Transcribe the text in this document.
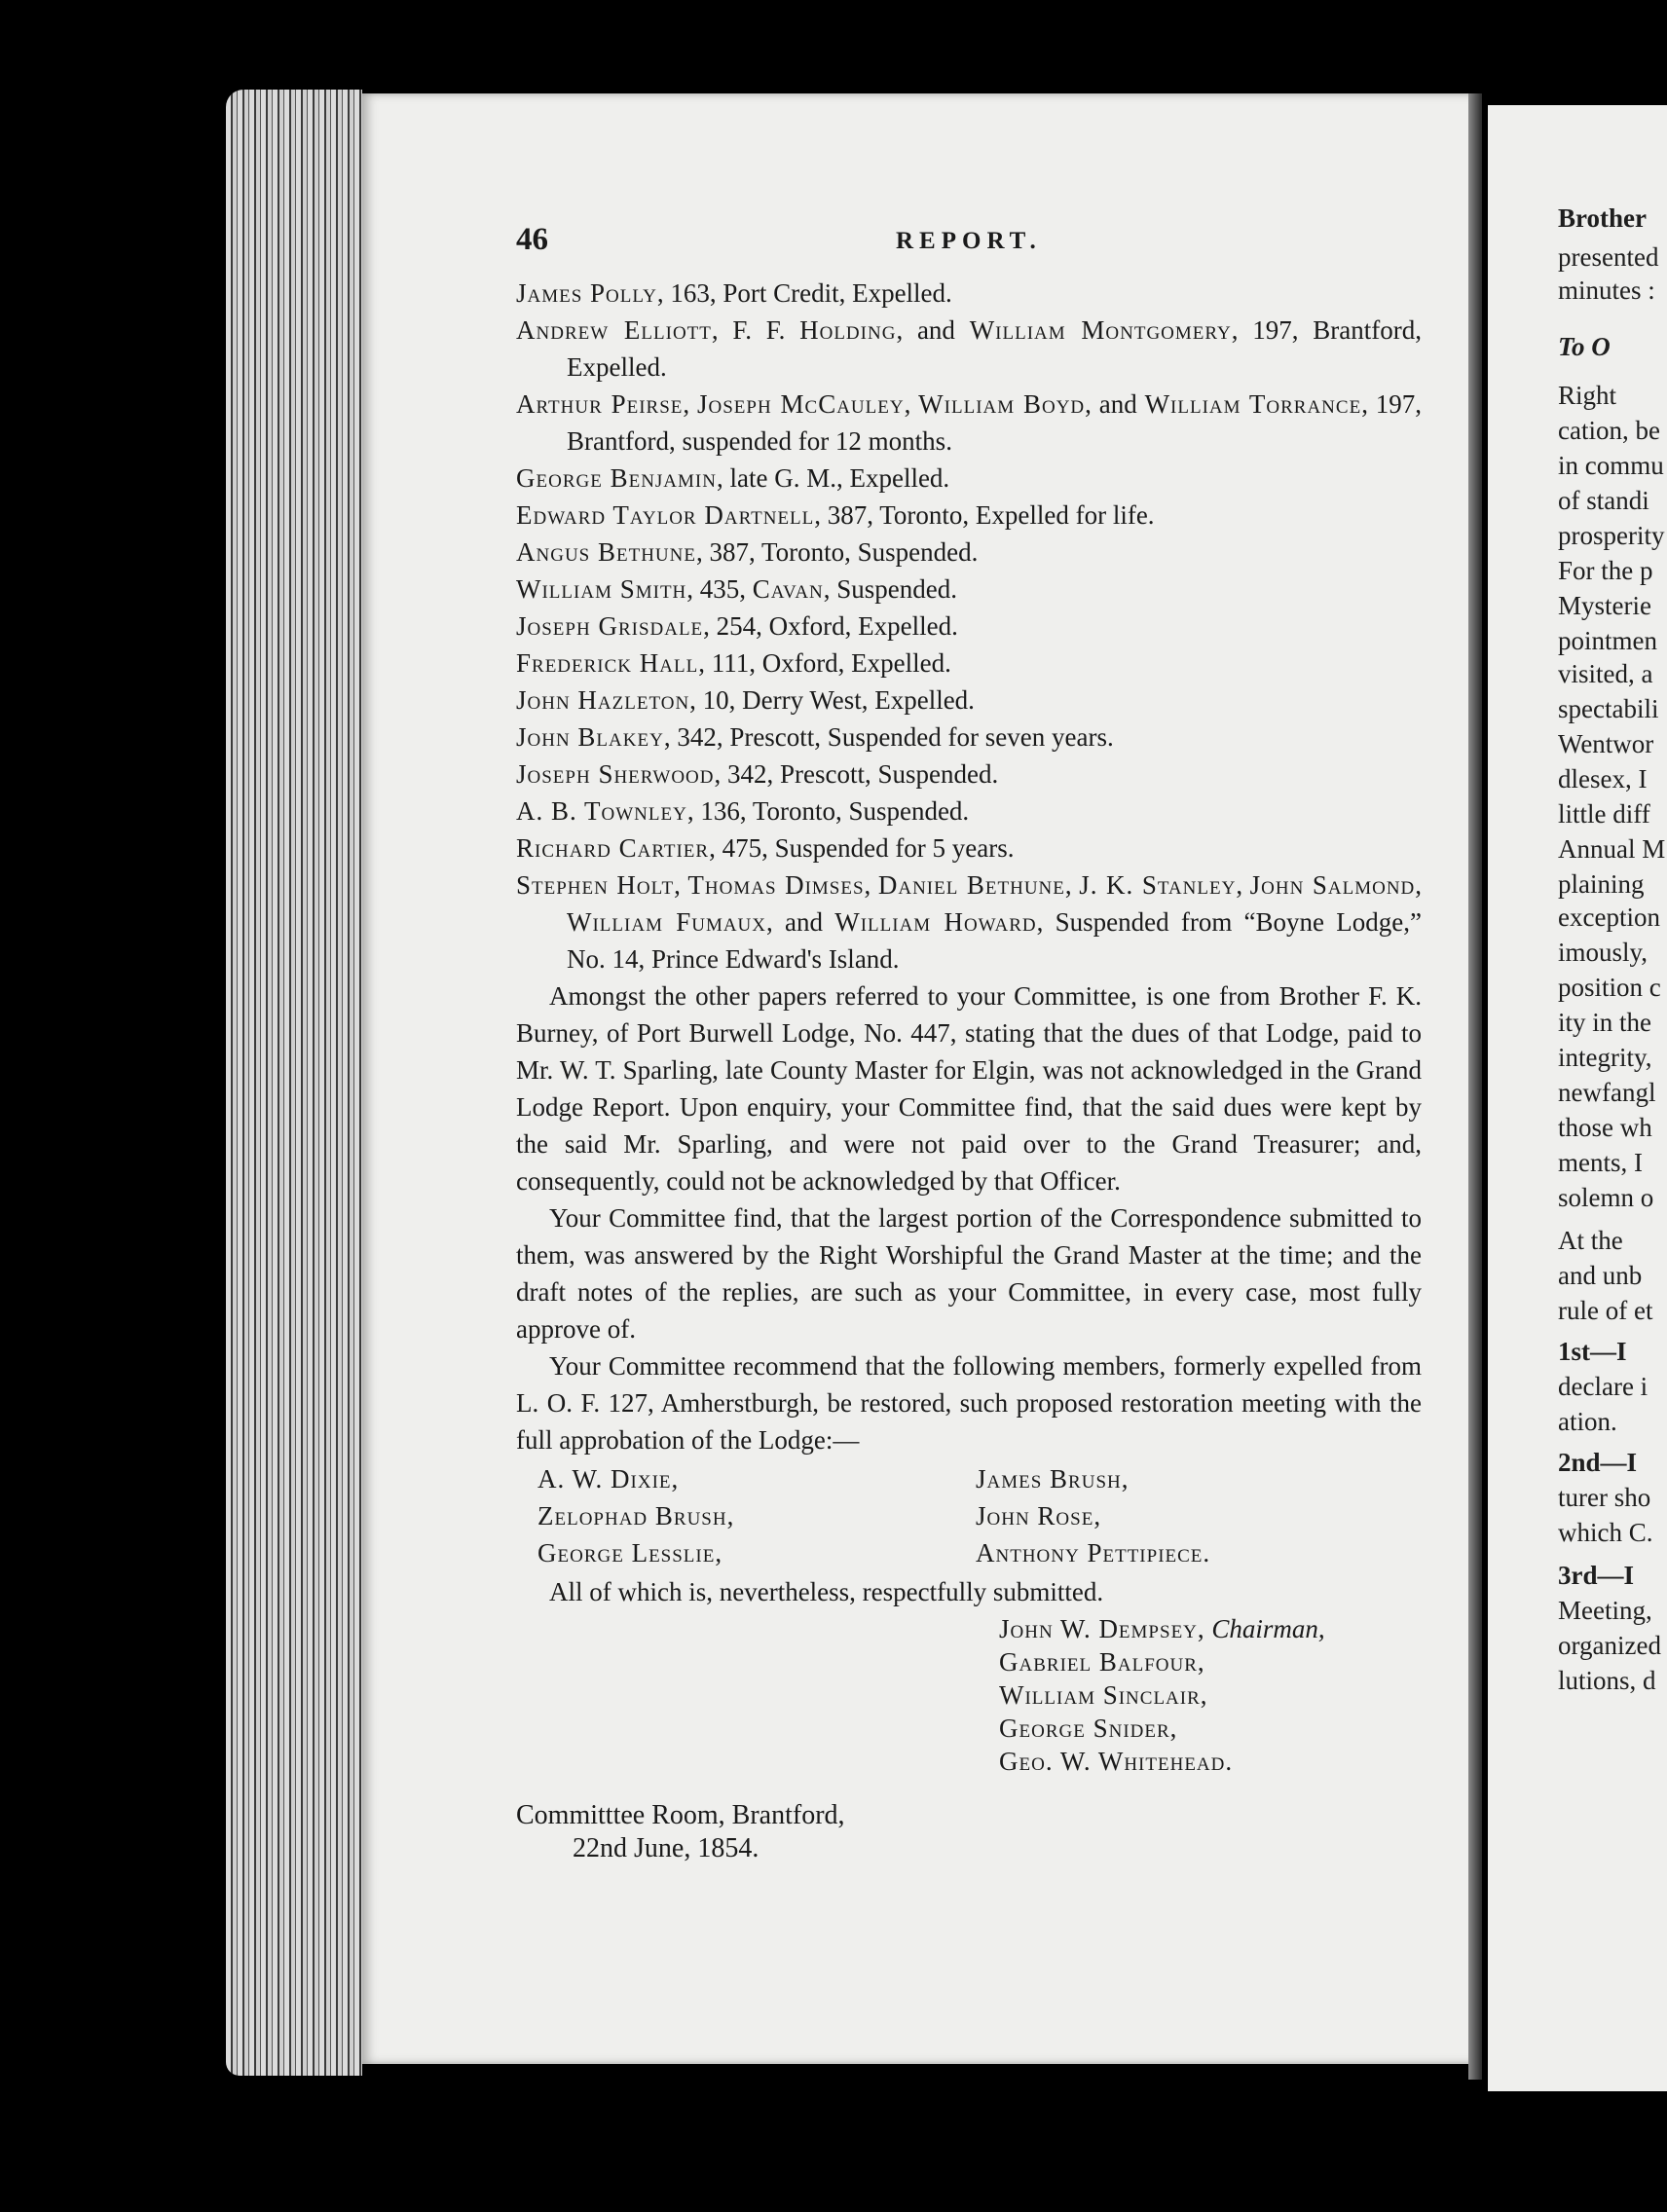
Brother
presented
minutes :
To O
Right
cation, be
in commu
of standi
prosperity
For the p
Mysterie
pointmen
visited, a
spectabili
Wentwor
dlesex, I
little diff
Annual M
plaining
exception
imously,
position c
ity in the
integrity,
newfangl
those wh
ments, I
solemn o
At the
and unb
rule of et
1st—I
declare i
ation.
2nd—I
turer sho
which C.
3rd—I
Meeting,
organized
lutions, d
46	REPORT.
James Polly, 163, Port Credit, Expelled.
Andrew Elliott, F. F. Holding, and William Montgomery, 197, Brantford, Expelled.
Arthur Peirse, Joseph McCauley, William Boyd, and William Torrance, 197, Brantford, suspended for 12 months.
George Benjamin, late G. M., Expelled.
Edward Taylor Dartnell, 387, Toronto, Expelled for life.
Angus Bethune, 387, Toronto, Suspended.
William Smith, 435, Cavan, Suspended.
Joseph Grisdale, 254, Oxford, Expelled.
Frederick Hall, 111, Oxford, Expelled.
John Hazleton, 10, Derry West, Expelled.
John Blakey, 342, Prescott, Suspended for seven years.
Joseph Sherwood, 342, Prescott, Suspended.
A. B. Townley, 136, Toronto, Suspended.
Richard Cartier, 475, Suspended for 5 years.
Stephen Holt, Thomas Dimses, Daniel Bethune, J. K. Stanley, John Salmond, William Fumaux, and William Howard, Suspended from “Boyne Lodge,” No. 14, Prince Edward's Island.

Amongst the other papers referred to your Committee, is one from Brother F. K. Burney, of Port Burwell Lodge, No. 447, stating that the dues of that Lodge, paid to Mr. W. T. Sparling, late County Master for Elgin, was not acknowledged in the Grand Lodge Report. Upon enquiry, your Committee find, that the said dues were kept by the said Mr. Sparling, and were not paid over to the Grand Treasurer; and, consequently, could not be acknowledged by that Officer.

Your Committee find, that the largest portion of the Correspondence submitted to them, was answered by the Right Worshipful the Grand Master at the time; and the draft notes of the replies, are such as your Committee, in every case, most fully approve of.

Your Committee recommend that the following members, formerly expelled from L. O. F. 127, Amherstburgh, be restored, such proposed restoration meeting with the full approbation of the Lodge:—

A. W. Dixie,	James Brush,
Zelophad Brush,	John Rose,
George Lesslie,	Anthony Pettipiece.

All of which is, nevertheless, respectfully submitted.

John W. Dempsey, Chairman,
Gabriel Balfour,
William Sinclair,
George Snider,
Geo. W. Whitehead.
Committtee Room, Brantford,
22nd June, 1854.
